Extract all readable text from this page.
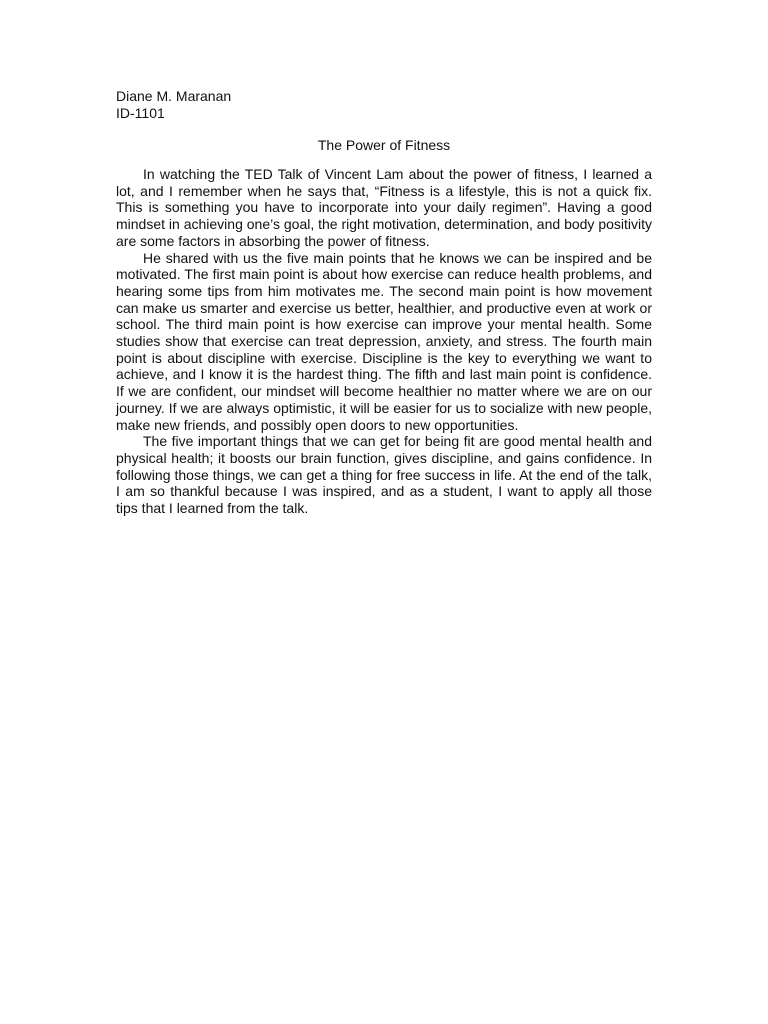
Diane M. Maranan
ID-1101
The Power of Fitness

In watching the TED Talk of Vincent Lam about the power of fitness, I learned a lot, and I remember when he says that, “Fitness is a lifestyle, this is not a quick fix. This is something you have to incorporate into your daily regimen”. Having a good mindset in achieving one’s goal, the right motivation, determination, and body positivity are some factors in absorbing the power of fitness.

He shared with us the five main points that he knows we can be inspired and be motivated. The first main point is about how exercise can reduce health problems, and hearing some tips from him motivates me. The second main point is how movement can make us smarter and exercise us better, healthier, and productive even at work or school. The third main point is how exercise can improve your mental health. Some studies show that exercise can treat depression, anxiety, and stress. The fourth main point is about discipline with exercise. Discipline is the key to everything we want to achieve, and I know it is the hardest thing. The fifth and last main point is confidence. If we are confident, our mindset will become healthier no matter where we are on our journey. If we are always optimistic, it will be easier for us to socialize with new people, make new friends, and possibly open doors to new opportunities.

The five important things that we can get for being fit are good mental health and physical health; it boosts our brain function, gives discipline, and gains confidence. In following those things, we can get a thing for free success in life. At the end of the talk, I am so thankful because I was inspired, and as a student, I want to apply all those tips that I learned from the talk.
